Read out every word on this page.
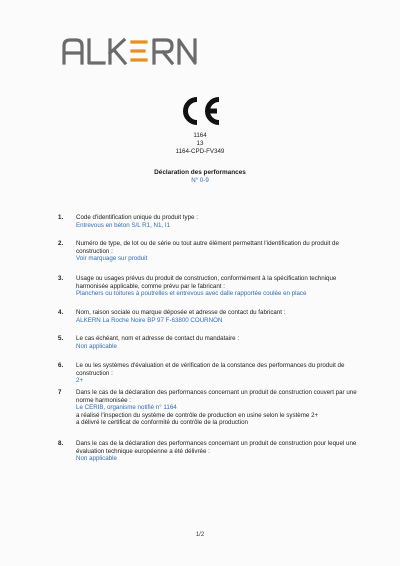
1164
13
1164-CPD-FV349
Déclaration des performances
N° 0-9
1.	Code d'identification unique du produit type :
Entrevous en béton S/L R1, N1, I1
2.	Numéro de type, de lot ou de série ou tout autre élément permettant l'identification du produit de construction :
Voir marquage sur produit
3.	Usage ou usages prévus du produit de construction, conformément à la spécification technique harmonisée applicable, comme prévu par le fabricant :
Planchers ou toitures à poutrelles et entrevous avec dalle rapportée coulée en place
4.	Nom, raison sociale ou marque déposée et adresse de contact du fabricant :
ALKERN La Roche Noire BP 97 F-63800 COURNON
5.	Le cas échéant, nom et adresse de contact du mandataire :
Non applicable
6.	Le ou les systèmes d'évaluation et de vérification de la constance des performances du produit de construction :
2+
7	Dans le cas de la déclaration des performances concernant un produit de construction couvert par une norme harmonisée :
Le CERIB, organisme notifié n° 1164
a réalisé l'inspection du système de contrôle de production en usine selon le système 2+
a délivré le certificat de conformité du contrôle de la production
8.	Dans le cas de la déclaration des performances concernant un produit de construction pour lequel une évaluation technique européenne a été délivrée :
Non applicable
1/2
